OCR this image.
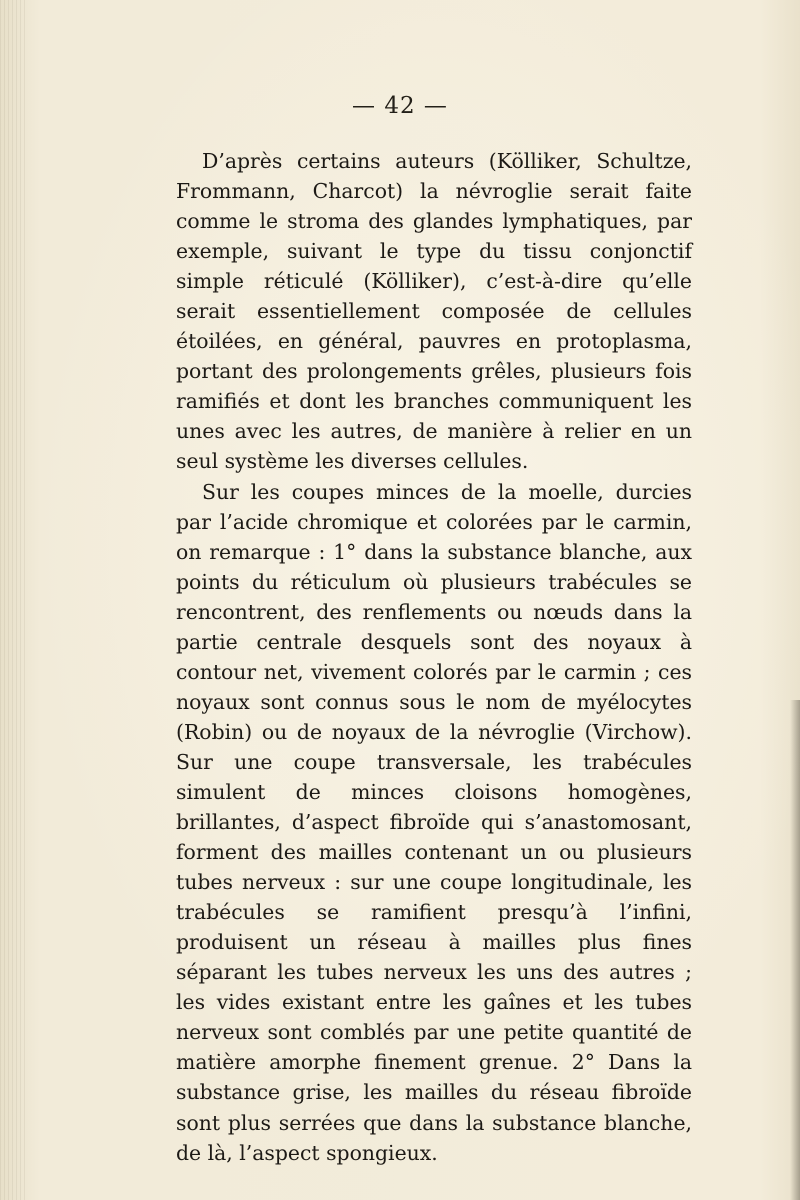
— 42 —

D’après certains auteurs (Kölliker, Schultze, Frommann, Charcot) la névroglie serait faite comme le stroma des glandes lymphatiques, par exemple, suivant le type du tissu conjonctif simple réticulé (Kölliker), c’est-à-dire qu’elle serait essentiellement composée de cellules étoilées, en général, pauvres en protoplasma, portant des prolongements grêles, plusieurs fois ramifiés et dont les branches communiquent les unes avec les autres, de manière à relier en un seul système les diverses cellules.

Sur les coupes minces de la moelle, durcies par l’acide chromique et colorées par le carmin, on remarque : 1° dans la substance blanche, aux points du réticulum où plusieurs trabécules se rencontrent, des renflements ou nœuds dans la partie centrale desquels sont des noyaux à contour net, vivement colorés par le carmin ; ces noyaux sont connus sous le nom de myélocytes (Robin) ou de noyaux de la névroglie (Virchow). Sur une coupe transversale, les trabécules simulent de minces cloisons homogènes, brillantes, d’aspect fibroïde qui s’anastomosant, forment des mailles contenant un ou plusieurs tubes nerveux : sur une coupe longitudinale, les trabécules se ramifient presqu’à l’infini, produisent un réseau à mailles plus fines séparant les tubes nerveux les uns des autres ; les vides existant entre les gaînes et les tubes nerveux sont comblés par une petite quantité de matière amorphe finement grenue. 2° Dans la substance grise, les mailles du réseau fibroïde sont plus serrées que dans la substance blanche, de là, l’aspect spongieux.
